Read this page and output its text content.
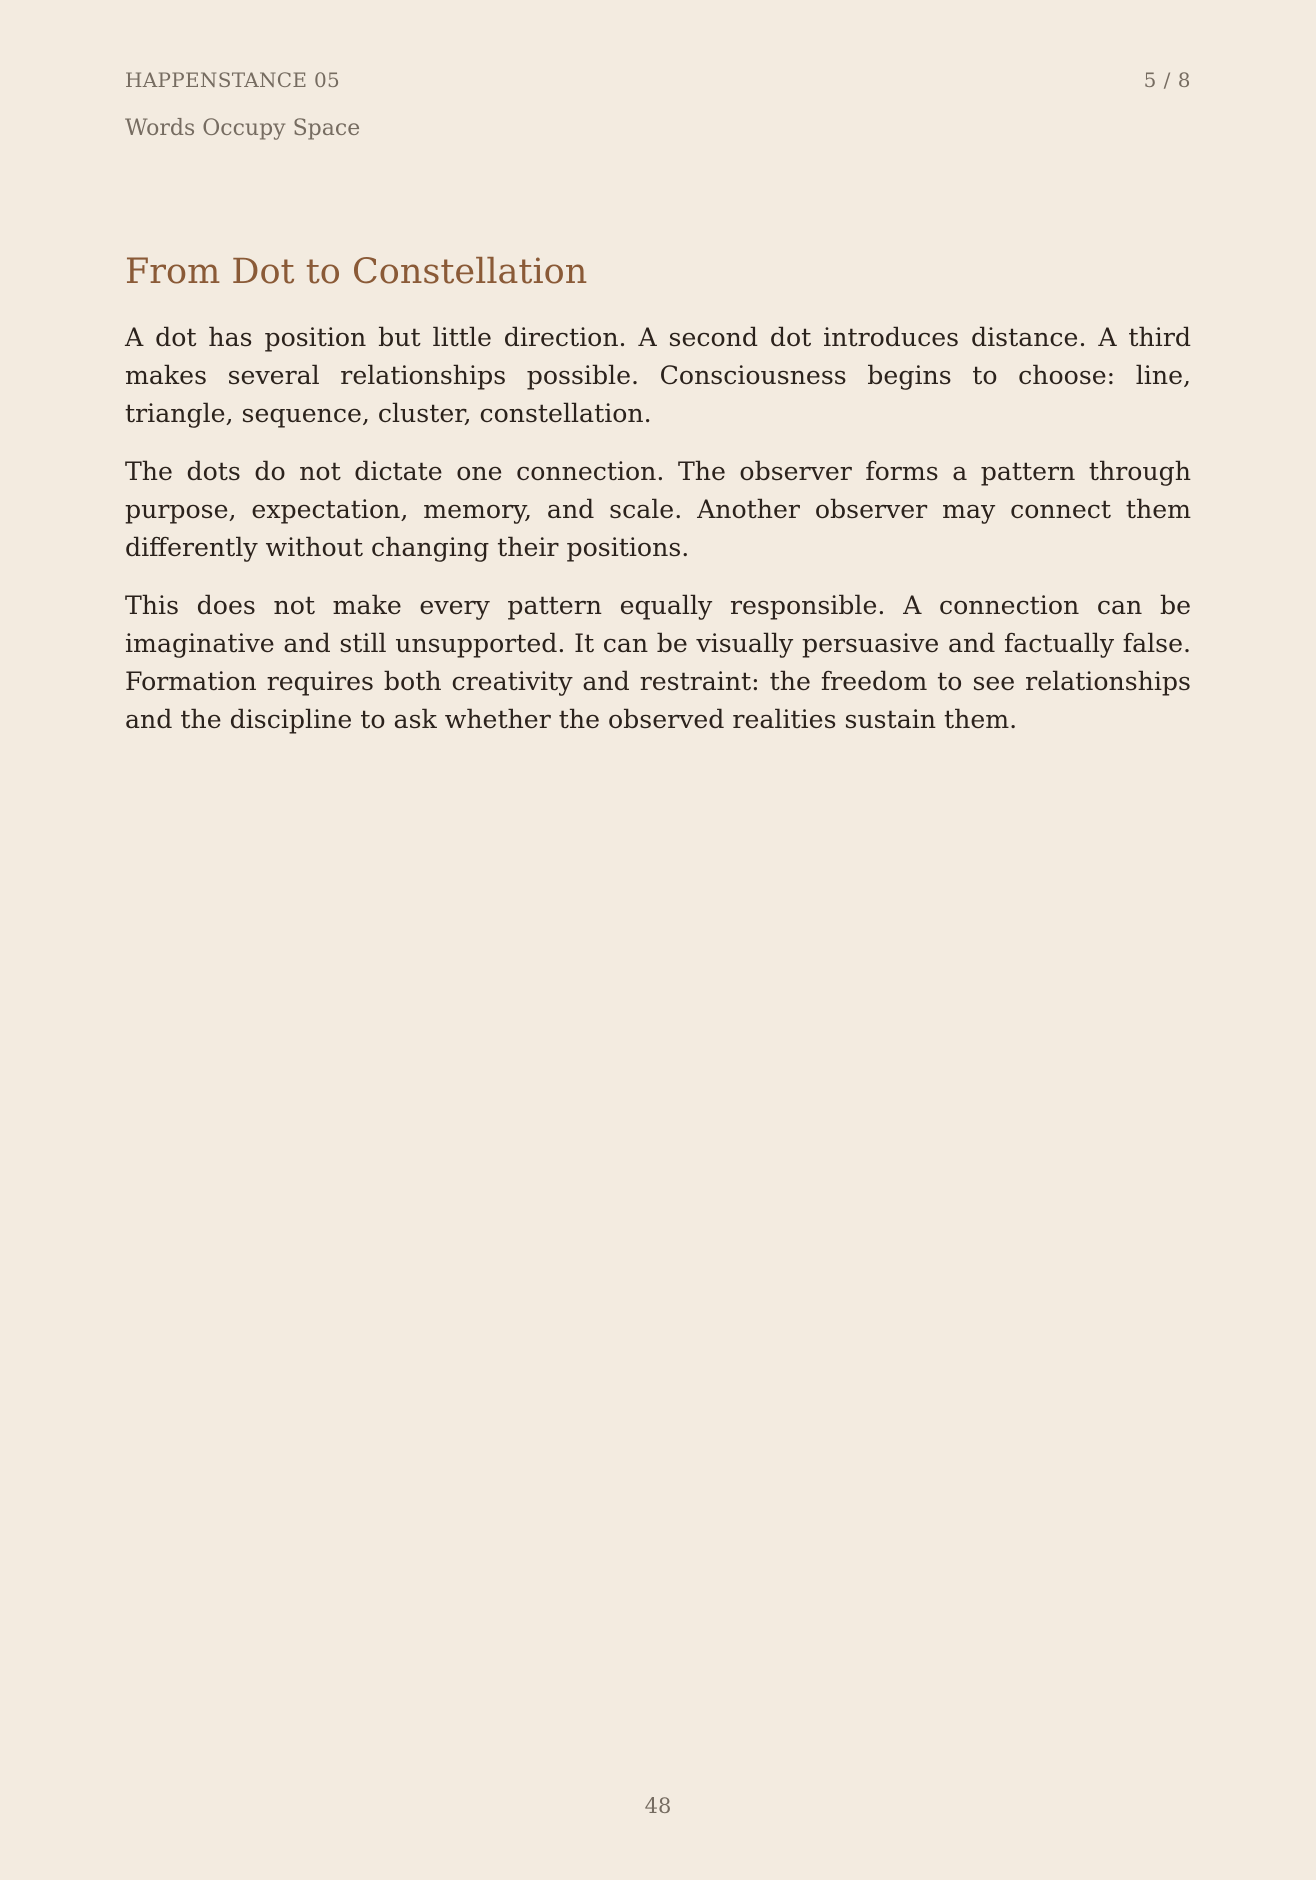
HAPPENSTANCE 05	5 / 8
Words Occupy Space
From Dot to Constellation

A dot has position but little direction. A second dot introduces distance. A third makes several relationships possible. Consciousness begins to choose: line, triangle, sequence, cluster, constellation.

The dots do not dictate one connection. The observer forms a pattern through purpose, expectation, memory, and scale. Another observer may connect them differently without changing their positions.

This does not make every pattern equally responsible. A connection can be imaginative and still unsupported. It can be visually persuasive and factually false. Formation requires both creativity and restraint: the freedom to see relationships and the discipline to ask whether the observed realities sustain them.

48
